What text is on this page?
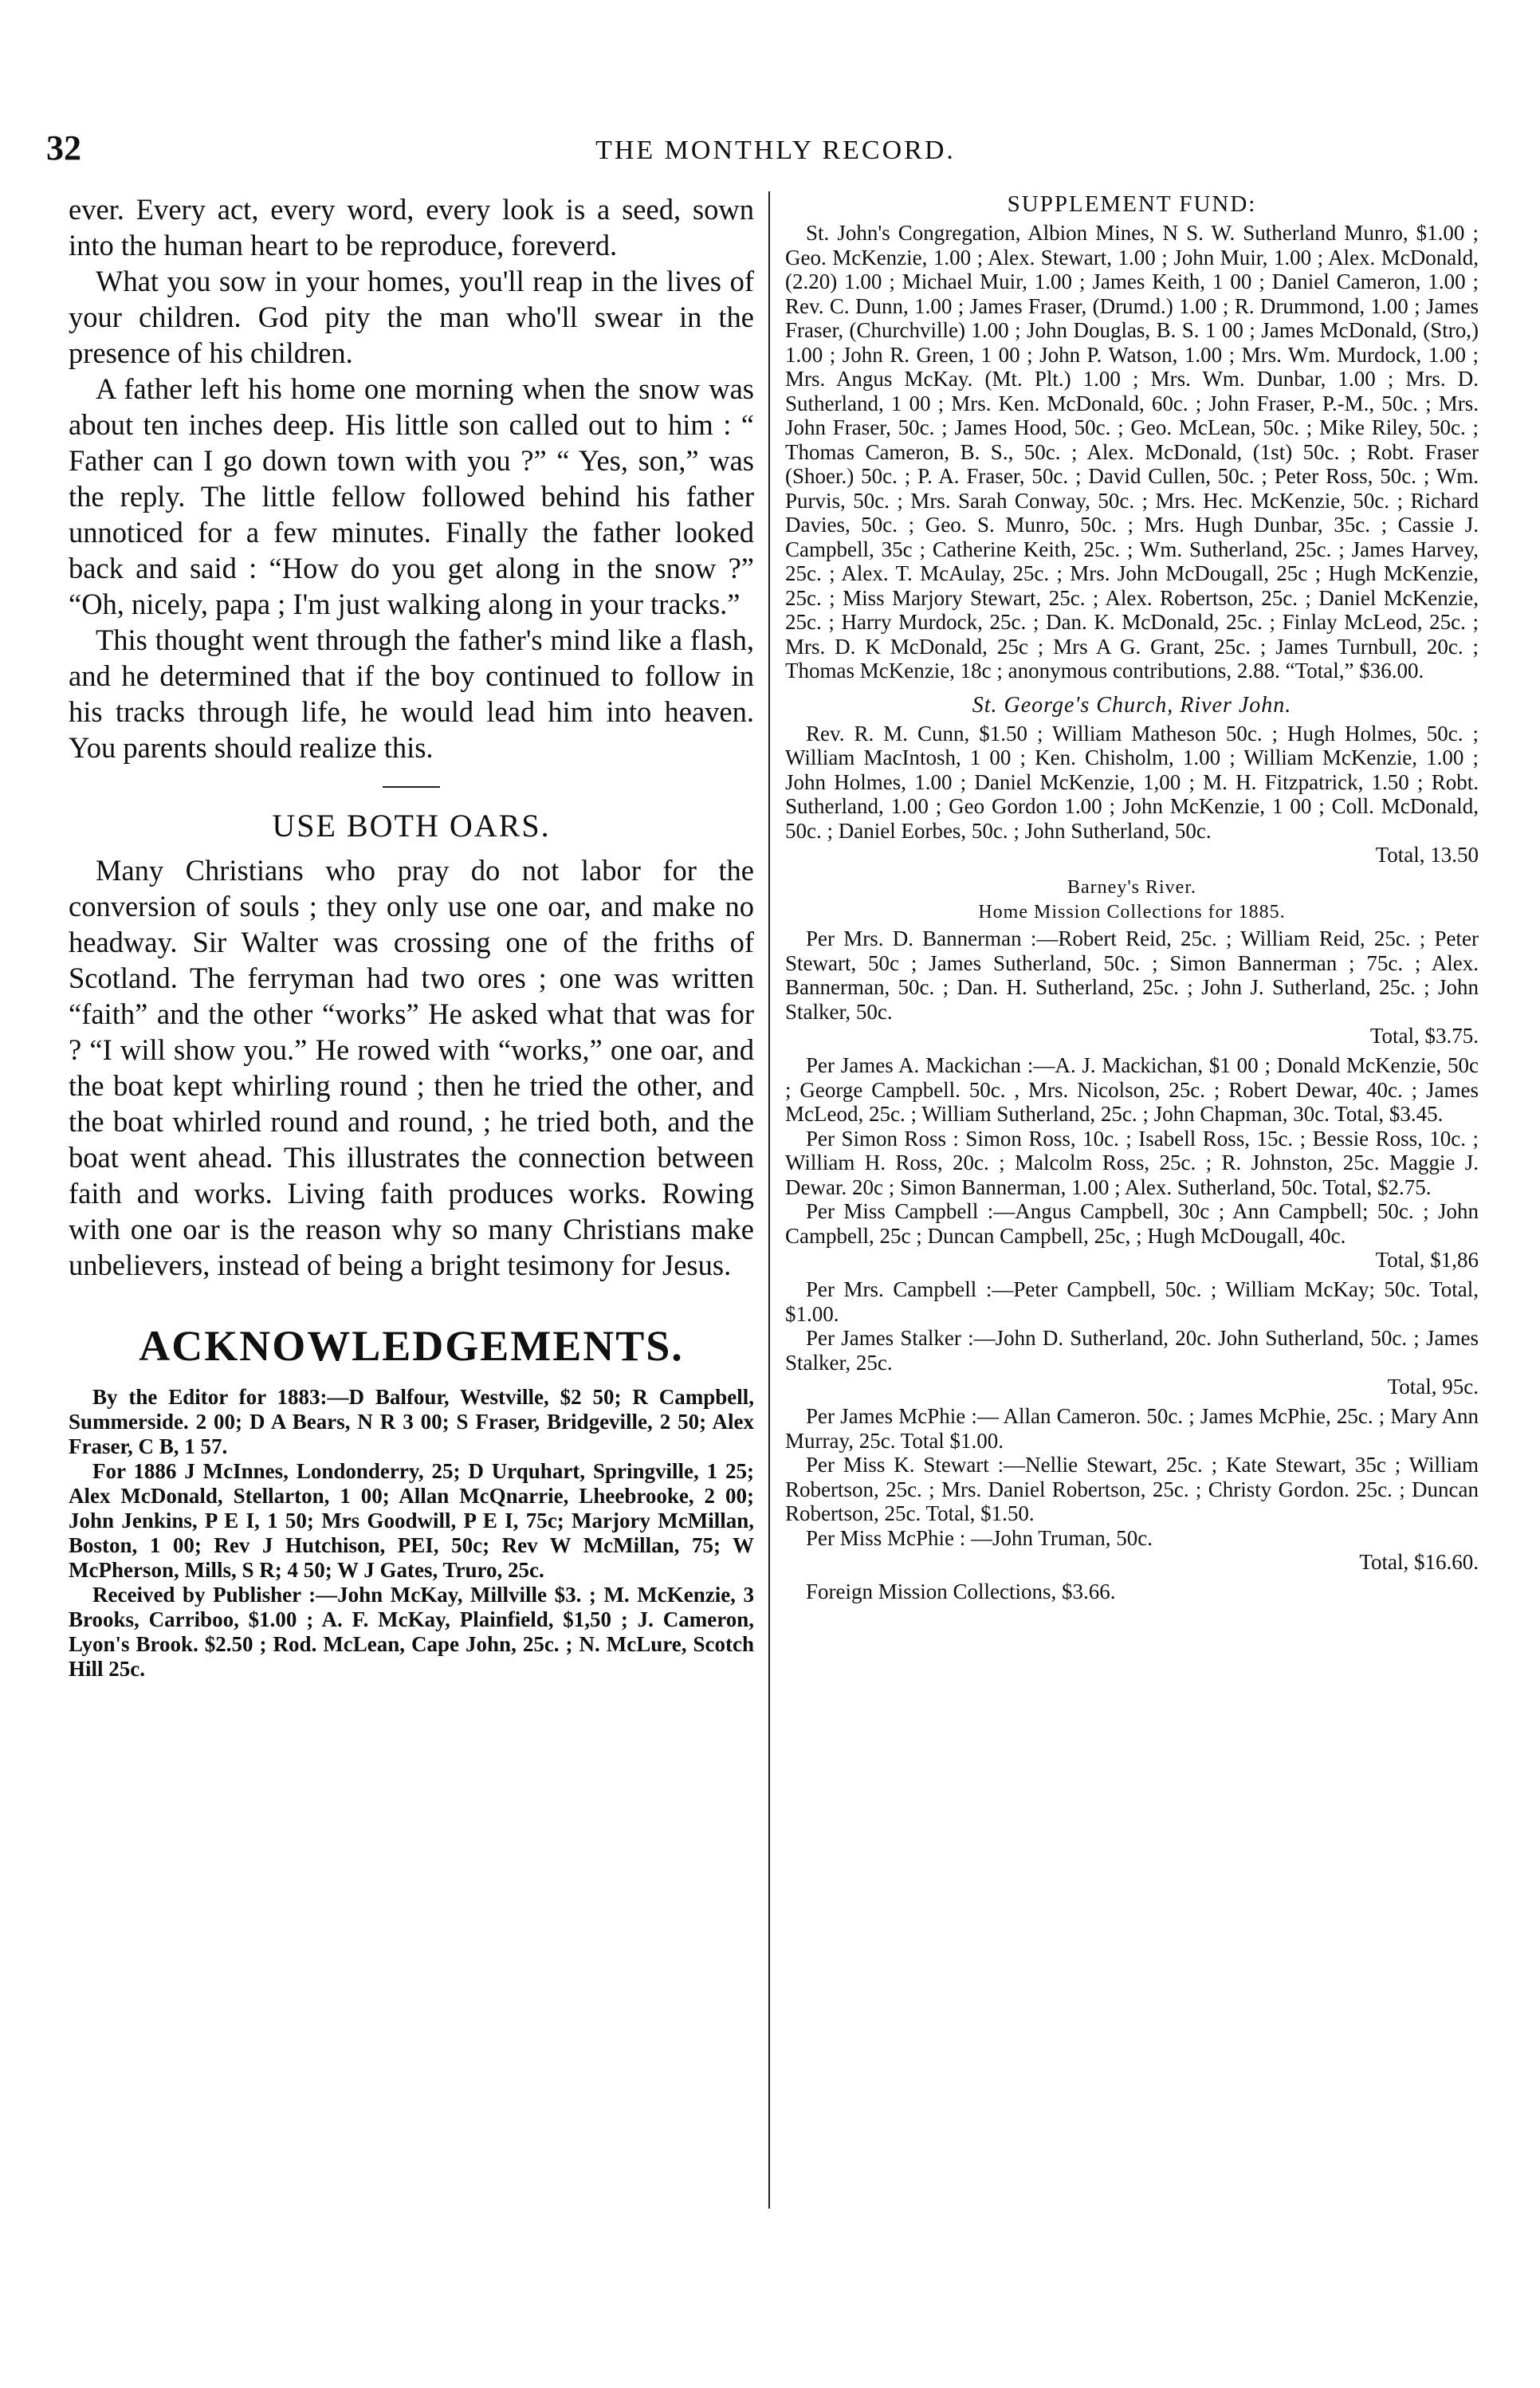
32	THE MONTHLY RECORD.

ever. Every act, every word, every look is a seed, sown into the human heart to be reproduce, foreverd.

What you sow in your homes, you'll reap in the lives of your children. God pity the man who'll swear in the presence of his children.

A father left his home one morning when the snow was about ten inches deep. His little son called out to him : “ Father can I go down town with you ?” “ Yes, son,” was the reply. The little fellow followed behind his father unnoticed for a few minutes. Finally the father looked back and said : “How do you get along in the snow ?” “Oh, nicely, papa ; I'm just walking along in your tracks.”

This thought went through the father's mind like a flash, and he determined that if the boy continued to follow in his tracks through life, he would lead him into heaven. You parents should realize this.

USE BOTH OARS.

Many Christians who pray do not labor for the conversion of souls ; they only use one oar, and make no headway. Sir Walter was crossing one of the friths of Scotland. The ferryman had two ores ; one was written “faith” and the other “works” He asked what that was for ? “I will show you.” He rowed with “works,” one oar, and the boat kept whirling round ; then he tried the other, and the boat whirled round and round, ; he tried both, and the boat went ahead. This illustrates the connection between faith and works. Living faith produces works. Rowing with one oar is the reason why so many Christians make unbelievers, instead of being a bright tesimony for Jesus.

ACKNOWLEDGEMENTS.

By the Editor for 1883:—D Balfour, Westville, $2 50; R Campbell, Summerside. 2 00; D A Bears, N R 3 00; S Fraser, Bridgeville, 2 50; Alex Fraser, C B, 1 57.

For 1886 J McInnes, Londonderry, 25; D Urquhart, Springville, 1 25; Alex McDonald, Stellarton, 1 00; Allan McQnarrie, Lheebrooke, 2 00; John Jenkins, P E I, 1 50; Mrs Goodwill, P E I, 75c; Marjory McMillan, Boston, 1 00; Rev J Hutchison, PEI, 50c; Rev W McMillan, 75; W McPherson, Mills, S R; 4 50; W J Gates, Truro, 25c.

Received by Publisher :—John McKay, Millville $3. ; M. McKenzie, 3 Brooks, Carriboo, $1.00 ; A. F. McKay, Plainfield, $1,50 ; J. Cameron, Lyon's Brook. $2.50 ; Rod. McLean, Cape John, 25c. ; N. McLure, Scotch Hill 25c.

SUPPLEMENT FUND:

St. John's Congregation, Albion Mines, N S. W. Sutherland Munro, $1.00 ; Geo. McKenzie, 1.00 ; Alex. Stewart, 1.00 ; John Muir, 1.00 ; Alex. McDonald, (2.20) 1.00 ; Michael Muir, 1.00 ; James Keith, 1 00 ; Daniel Cameron, 1.00 ; Rev. C. Dunn, 1.00 ; James Fraser, (Drumd.) 1.00 ; R. Drummond, 1.00 ; James Fraser, (Churchville) 1.00 ; John Douglas, B. S. 1 00 ; James McDonald, (Stro,) 1.00 ; John R. Green, 1 00 ; John P. Watson, 1.00 ; Mrs. Wm. Murdock, 1.00 ; Mrs. Angus McKay. (Mt. Plt.) 1.00 ; Mrs. Wm. Dunbar, 1.00 ; Mrs. D. Sutherland, 1 00 ; Mrs. Ken. McDonald, 60c. ; John Fraser, P.-M., 50c. ; Mrs. John Fraser, 50c. ; James Hood, 50c. ; Geo. McLean, 50c. ; Mike Riley, 50c. ; Thomas Cameron, B. S., 50c. ; Alex. McDonald, (1st) 50c. ; Robt. Fraser (Shoer.) 50c. ; P. A. Fraser, 50c. ; David Cullen, 50c. ; Peter Ross, 50c. ; Wm. Purvis, 50c. ; Mrs. Sarah Conway, 50c. ; Mrs. Hec. McKenzie, 50c. ; Richard Davies, 50c. ; Geo. S. Munro, 50c. ; Mrs. Hugh Dunbar, 35c. ; Cassie J. Campbell, 35c ; Catherine Keith, 25c. ; Wm. Sutherland, 25c. ; James Harvey, 25c. ; Alex. T. McAulay, 25c. ; Mrs. John McDougall, 25c ; Hugh McKenzie, 25c. ; Miss Marjory Stewart, 25c. ; Alex. Robertson, 25c. ; Daniel McKenzie, 25c. ; Harry Murdock, 25c. ; Dan. K. McDonald, 25c. ; Finlay McLeod, 25c. ; Mrs. D. K McDonald, 25c ; Mrs A G. Grant, 25c. ; James Turnbull, 20c. ; Thomas McKenzie, 18c ; anonymous contributions, 2.88. “Total,” $36.00.

St. George's Church, River John.

Rev. R. M. Cunn, $1.50 ; William Matheson 50c. ; Hugh Holmes, 50c. ; William MacIntosh, 1 00 ; Ken. Chisholm, 1.00 ; William McKenzie, 1.00 ; John Holmes, 1.00 ; Daniel McKenzie, 1,00 ; M. H. Fitzpatrick, 1.50 ; Robt. Sutherland, 1.00 ; Geo Gordon 1.00 ; John McKenzie, 1 00 ; Coll. McDonald, 50c. ; Daniel Eorbes, 50c. ; John Sutherland, 50c.

Total, 13.50
Barney's River.
Home Mission Collections for 1885.

Per Mrs. D. Bannerman :—Robert Reid, 25c. ; William Reid, 25c. ; Peter Stewart, 50c ; James Sutherland, 50c. ; Simon Bannerman ; 75c. ; Alex. Bannerman, 50c. ; Dan. H. Sutherland, 25c. ; John J. Sutherland, 25c. ; John Stalker, 50c.

Total, $3.75.

Per James A. Mackichan :—A. J. Mackichan, $1 00 ; Donald McKenzie, 50c ; George Campbell. 50c. , Mrs. Nicolson, 25c. ; Robert Dewar, 40c. ; James McLeod, 25c. ; William Sutherland, 25c. ; John Chapman, 30c. Total, $3.45.

Per Simon Ross : Simon Ross, 10c. ; Isabell Ross, 15c. ; Bessie Ross, 10c. ; William H. Ross, 20c. ; Malcolm Ross, 25c. ; R. Johnston, 25c. Maggie J. Dewar. 20c ; Simon Bannerman, 1.00 ; Alex. Sutherland, 50c. Total, $2.75.

Per Miss Campbell :—Angus Campbell, 30c ; Ann Campbell; 50c. ; John Campbell, 25c ; Duncan Campbell, 25c, ; Hugh McDougall, 40c.

Total, $1,86

Per Mrs. Campbell :—Peter Campbell, 50c. ; William McKay; 50c. Total, $1.00.

Per James Stalker :—John D. Sutherland, 20c. John Sutherland, 50c. ; James Stalker, 25c.

Total, 95c.

Per James McPhie :— Allan Cameron. 50c. ; James McPhie, 25c. ; Mary Ann Murray, 25c. Total $1.00.

Per Miss K. Stewart :—Nellie Stewart, 25c. ; Kate Stewart, 35c ; William Robertson, 25c. ; Mrs. Daniel Robertson, 25c. ; Christy Gordon. 25c. ; Duncan Robertson, 25c. Total, $1.50.

Per Miss McPhie : —John Truman, 50c.

Total, $16.60.

Foreign Mission Collections, $3.66.
